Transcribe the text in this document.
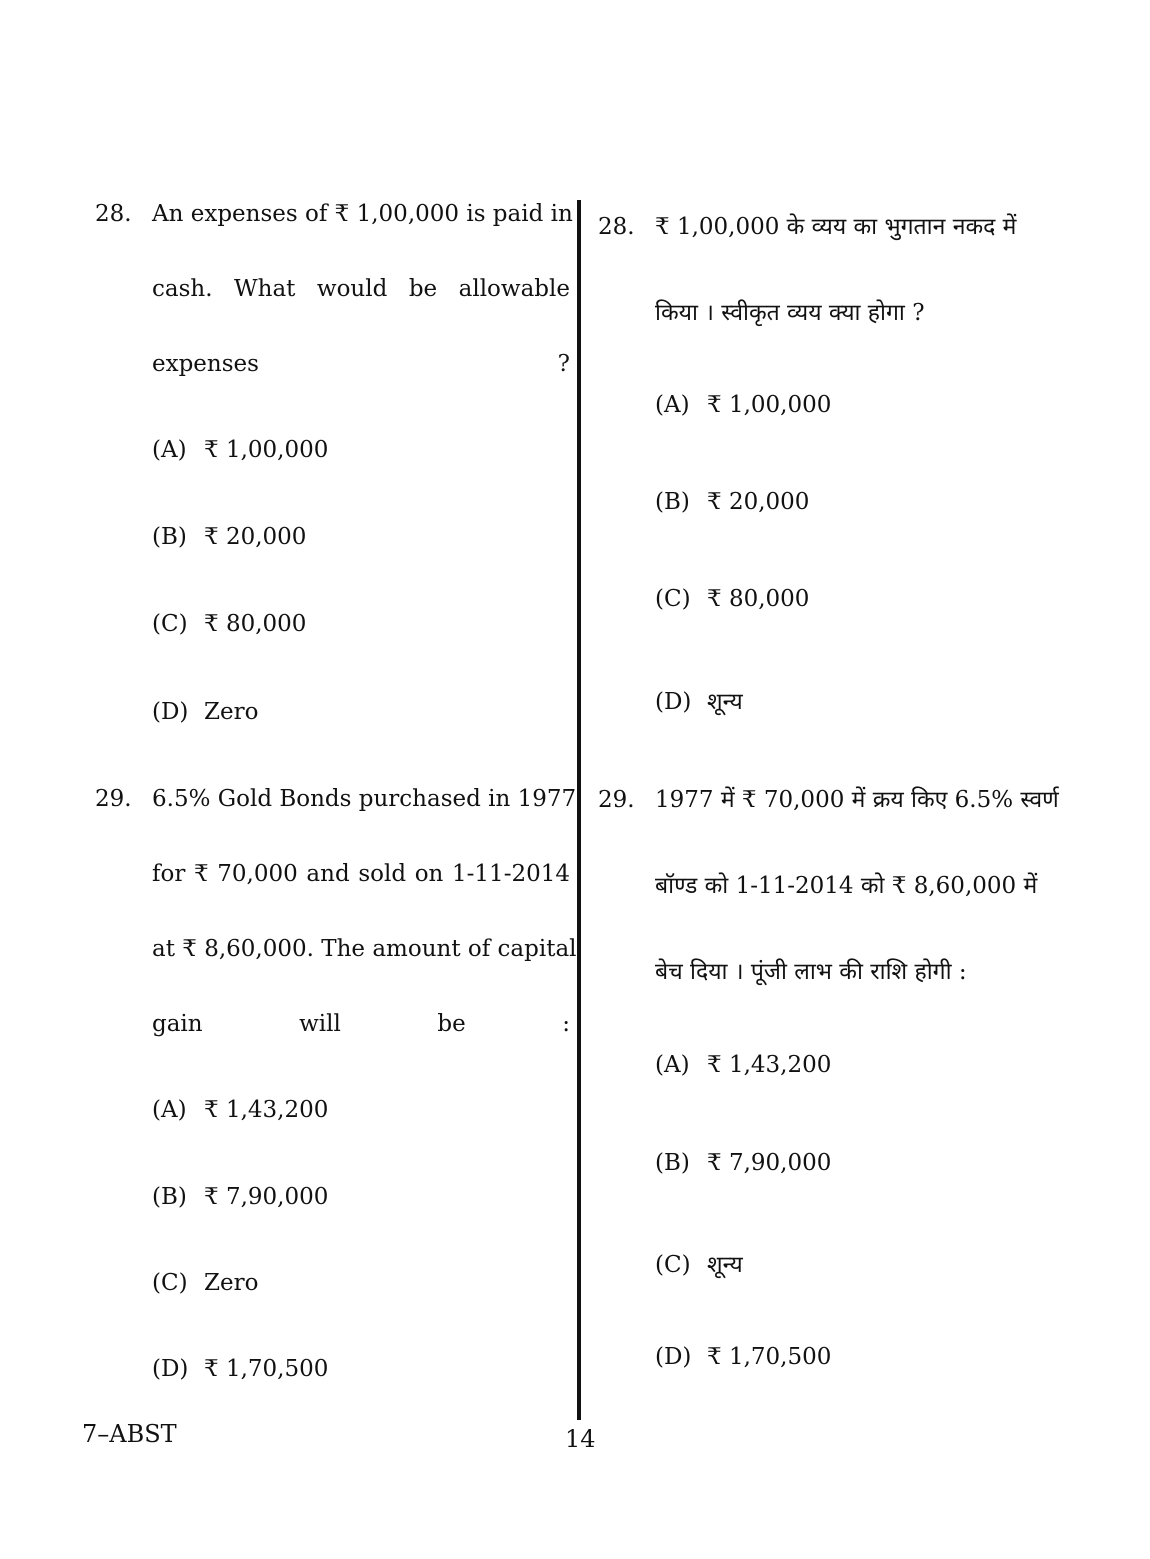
28. An expenses of ₹ 1,00,000 is paid in
cash. What would be allowable
expenses ?
(A) ₹ 1,00,000
(B) ₹ 20,000
(C) ₹ 80,000
(D) Zero
29. 6.5% Gold Bonds purchased in 1977
for ₹ 70,000 and sold on 1-11-2014
at ₹ 8,60,000. The amount of capital
gain will be :
(A) ₹ 1,43,200
(B) ₹ 7,90,000
(C) Zero
(D) ₹ 1,70,500
28. ₹ 1,00,000 के व्यय का भुगतान नकद में
किया । स्वीकृत व्यय क्या होगा ?
(A) ₹ 1,00,000
(B) ₹ 20,000
(C) ₹ 80,000
(D) शून्य
29. 1977 में ₹ 70,000 में क्रय किए 6.5% स्वर्ण
बॉण्ड को 1-11-2014 को ₹ 8,60,000 में
बेच दिया । पूंजी लाभ की राशि होगी :
(A) ₹ 1,43,200
(B) ₹ 7,90,000
(C) शून्य
(D) ₹ 1,70,500
7–ABST	14
